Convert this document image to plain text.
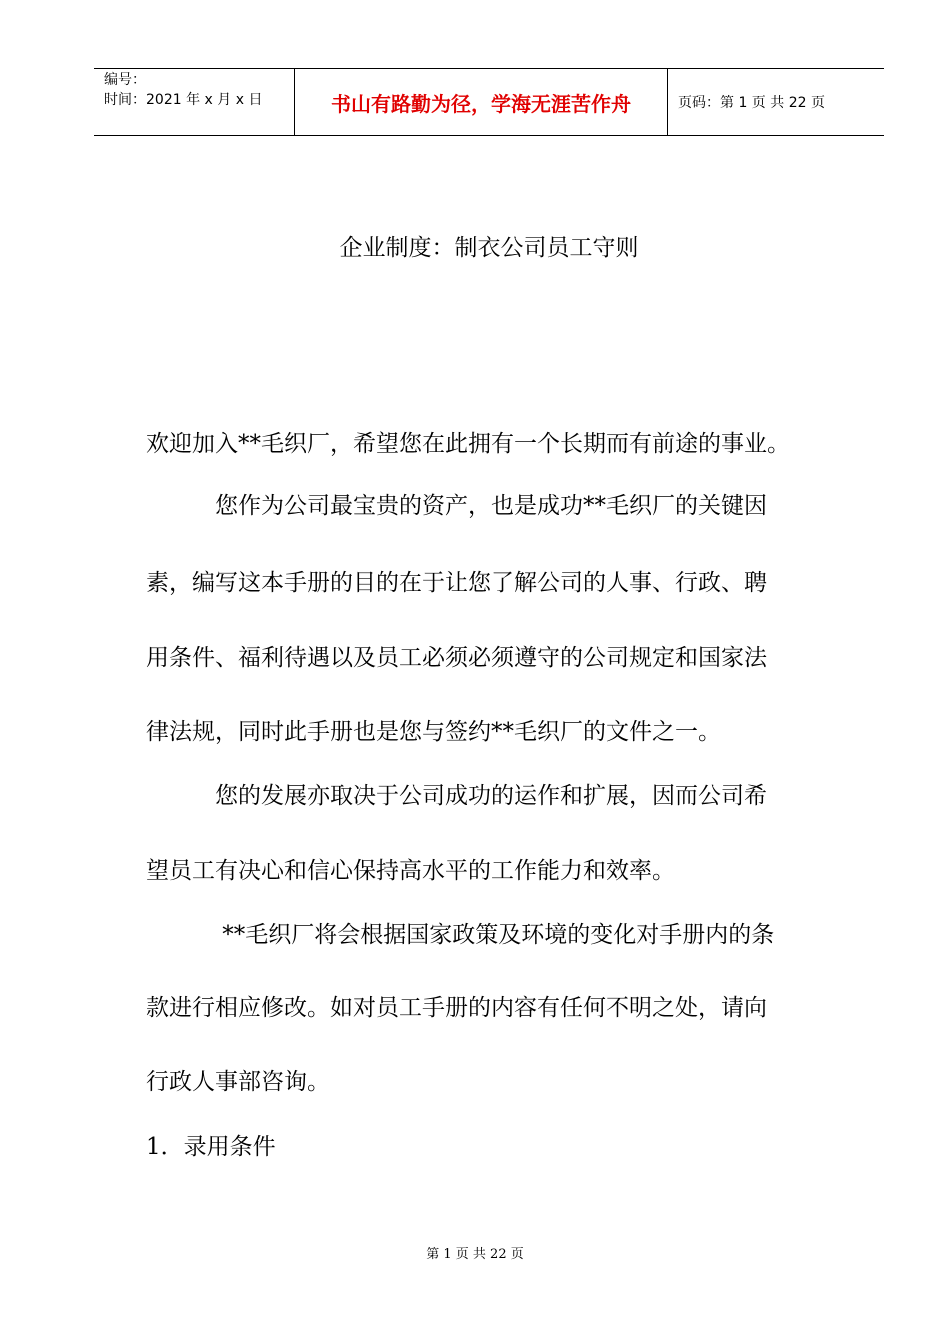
编号：
时间：2021 年 x 月 x 日	书山有路勤为径，学海无涯苦作舟	页码：第 1 页 共 22 页
企业制度：制衣公司员工守则
欢迎加入**毛织厂，希望您在此拥有一个长期而有前途的事业。
　　　您作为公司最宝贵的资产，也是成功**毛织厂的关键因
素，编写这本手册的目的在于让您了解公司的人事、行政、聘
用条件、福利待遇以及员工必须必须遵守的公司规定和国家法
律法规，同时此手册也是您与签约**毛织厂的文件之一。
　　　您的发展亦取决于公司成功的运作和扩展，因而公司希
望员工有决心和信心保持高水平的工作能力和效率。
　　　 **毛织厂将会根据国家政策及环境的变化对手册内的条
款进行相应修改。如对员工手册的内容有任何不明之处，请向
行政人事部咨询。
1．录用条件
第 1 页 共 22 页
